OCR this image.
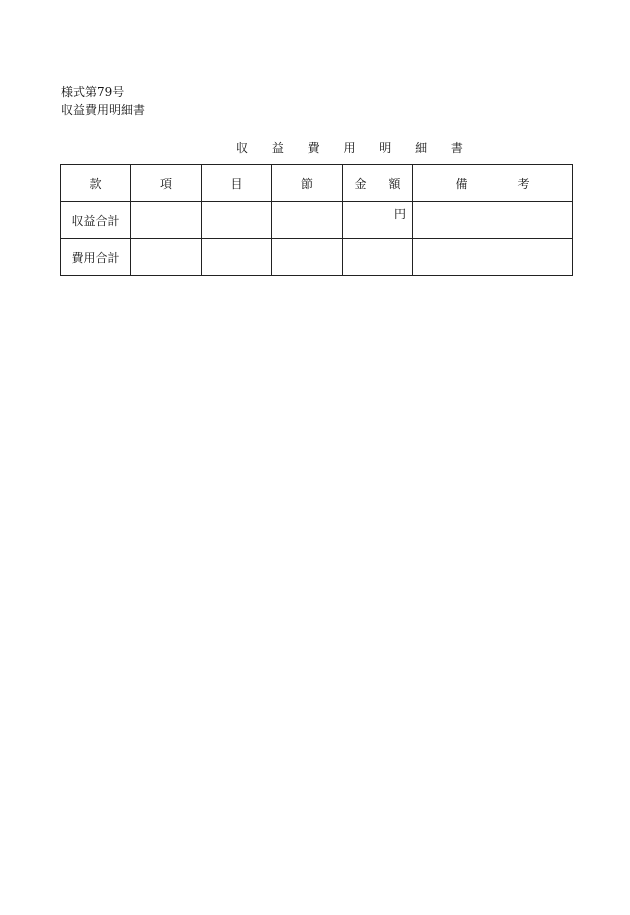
様式第79号
収益費用明細書
収 益 費 用 明 細 書
款	項	目	節	金 額	備 考
収益合計				円	

費用合計					
